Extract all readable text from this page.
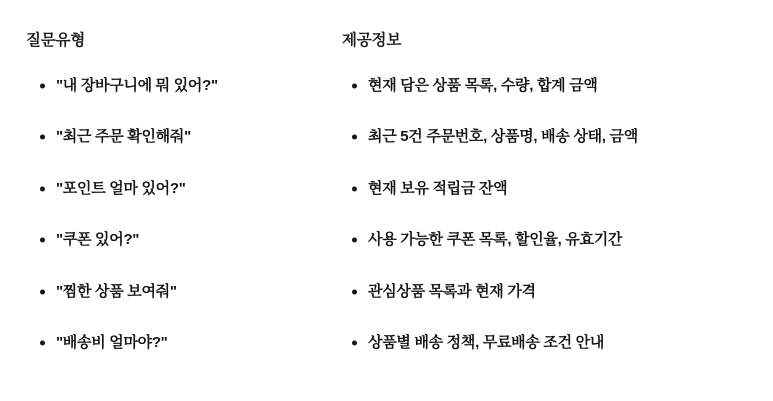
질문유형
"내 장바구니에 뭐 있어?"
"최근 주문 확인해줘"
"포인트 얼마 있어?"
"쿠폰 있어?"
"찜한 상품 보여줘"
"배송비 얼마야?"
제공정보
현재 담은 상품 목록, 수량, 합계 금액
최근 5건 주문번호, 상품명, 배송 상태, 금액
현재 보유 적립금 잔액
사용 가능한 쿠폰 목록, 할인율, 유효기간
관심상품 목록과 현재 가격
상품별 배송 정책, 무료배송 조건 안내
